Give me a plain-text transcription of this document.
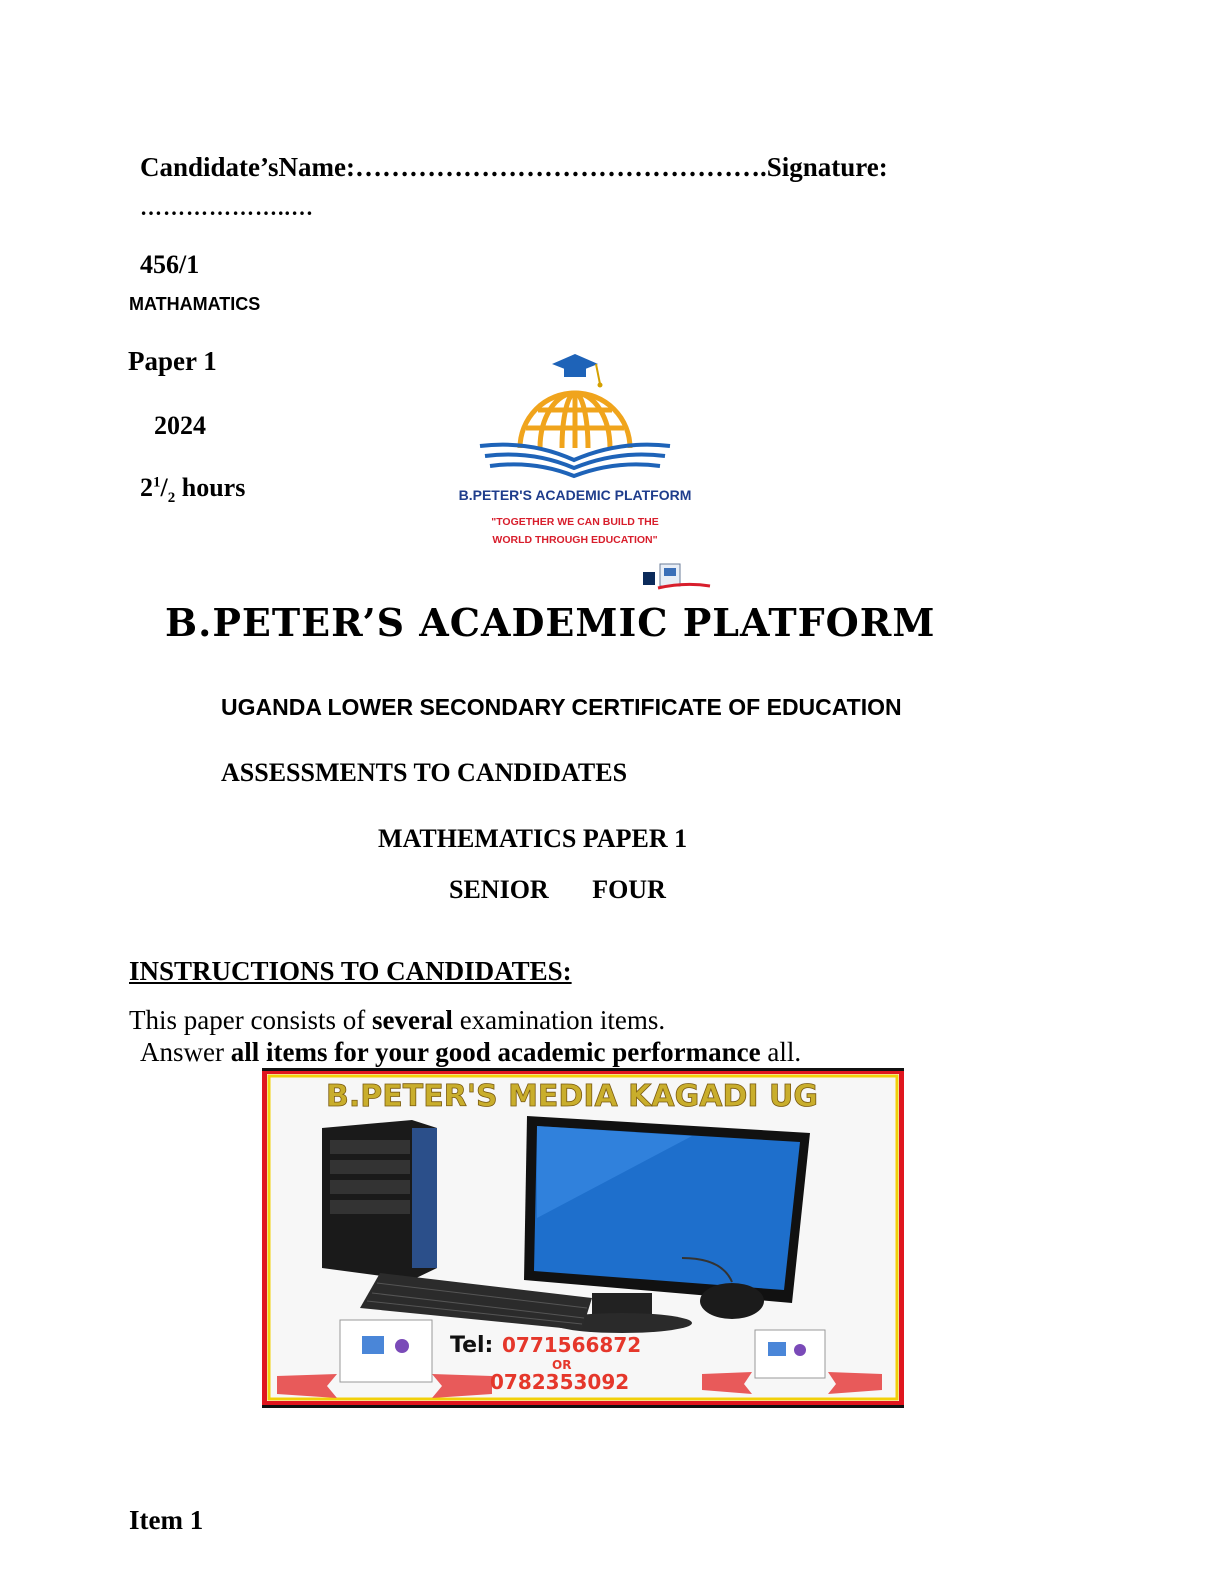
Candidate’sName:……………………………………….Signature:
………………..…
456/1
MATHAMATICS
Paper 1
2024
$2^1/_2$ hours	B.PETER'S ACADEMIC PLATFORM
"TOGETHER WE CAN BUILD THE
WORLD THROUGH EDUCATION"
B.PETER’S ACADEMIC PLATFORM
UGANDA LOWER SECONDARY CERTIFICATE OF EDUCATION
ASSESSMENTS TO CANDIDATES
MATHEMATICS PAPER 1
SENIOR   FOUR
INSTRUCTIONS TO CANDIDATES:
This paper consists of several examination items.
Answer all items for your good academic performance all.
B.PETER'S MEDIA KAGADI UG
Tel: 0771566872
OR
0782353092
Item 1
